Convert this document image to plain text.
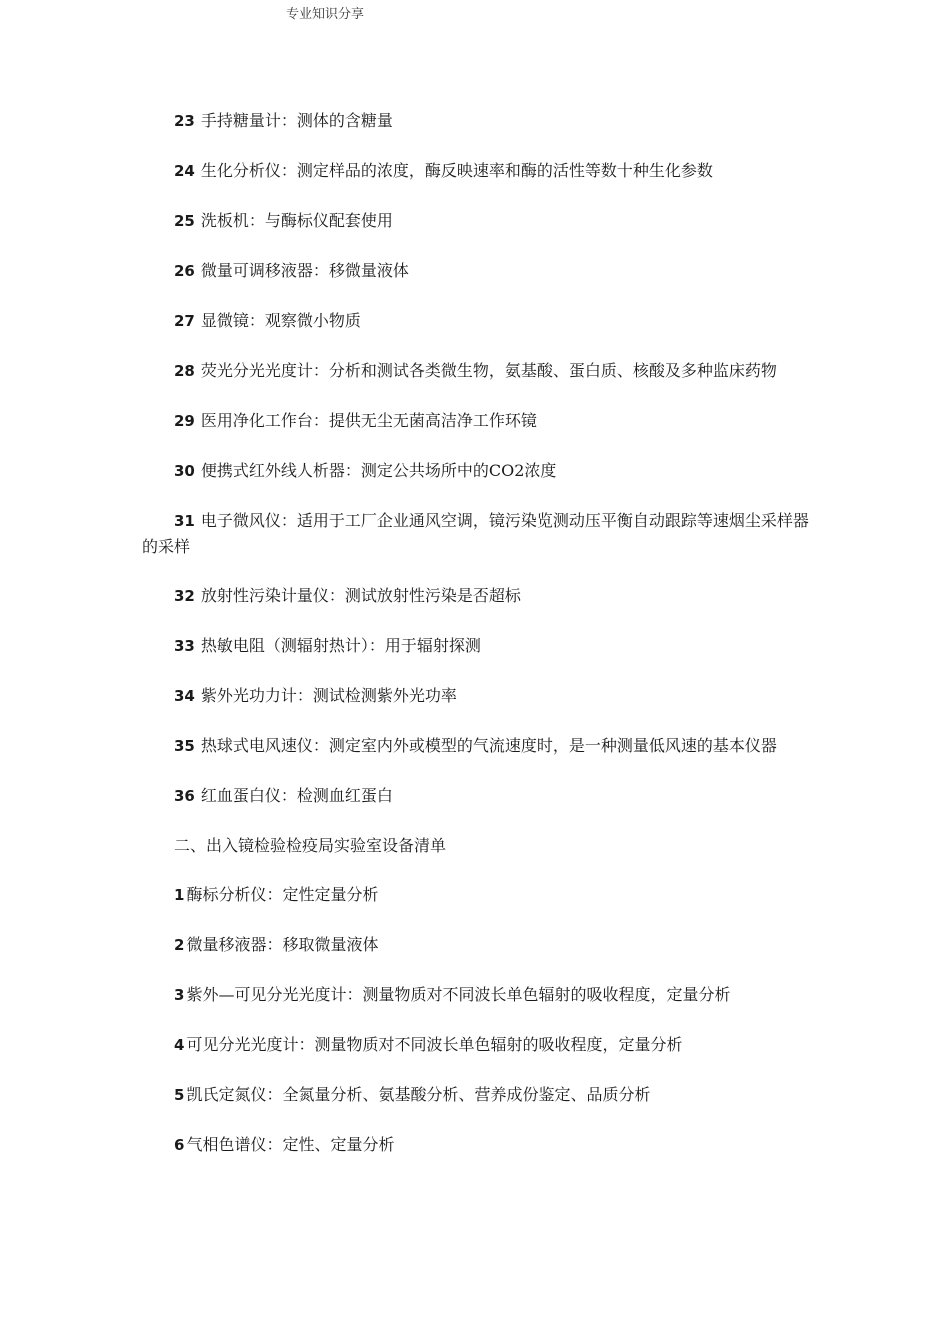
专业知识分享
23 手持糖量计：测体的含糖量
24 生化分析仪：测定样品的浓度，酶反映速率和酶的活性等数十种生化参数
25 洗板机：与酶标仪配套使用
26 微量可调移液器：移微量液体
27 显微镜：观察微小物质
28 荧光分光光度计：分析和测试各类微生物，氨基酸、蛋白质、核酸及多种监床药物
29 医用净化工作台：提供无尘无菌高洁净工作环镜
30 便携式红外线人析器：测定公共场所中的CO2浓度
31 电子微风仪：适用于工厂企业通风空调，镜污染览测动压平衡自动跟踪等速烟尘采样器的采样
32 放射性污染计量仪：测试放射性污染是否超标
33 热敏电阻（测辐射热计）：用于辐射探测
34 紫外光功力计：测试检测紫外光功率
35 热球式电风速仪：测定室内外或模型的气流速度时，是一种测量低风速的基本仪器
36 红血蛋白仪：检测血红蛋白
二、出入镜检验检疫局实验室设备清单
1 酶标分析仪：定性定量分析
2 微量移液器：移取微量液体
3 紫外—可见分光光度计：测量物质对不同波长单色辐射的吸收程度，定量分析
4 可见分光光度计：测量物质对不同波长单色辐射的吸收程度，定量分析
5 凯氏定氮仪：全氮量分析、氨基酸分析、营养成份鉴定、品质分析
6 气相色谱仪：定性、定量分析
